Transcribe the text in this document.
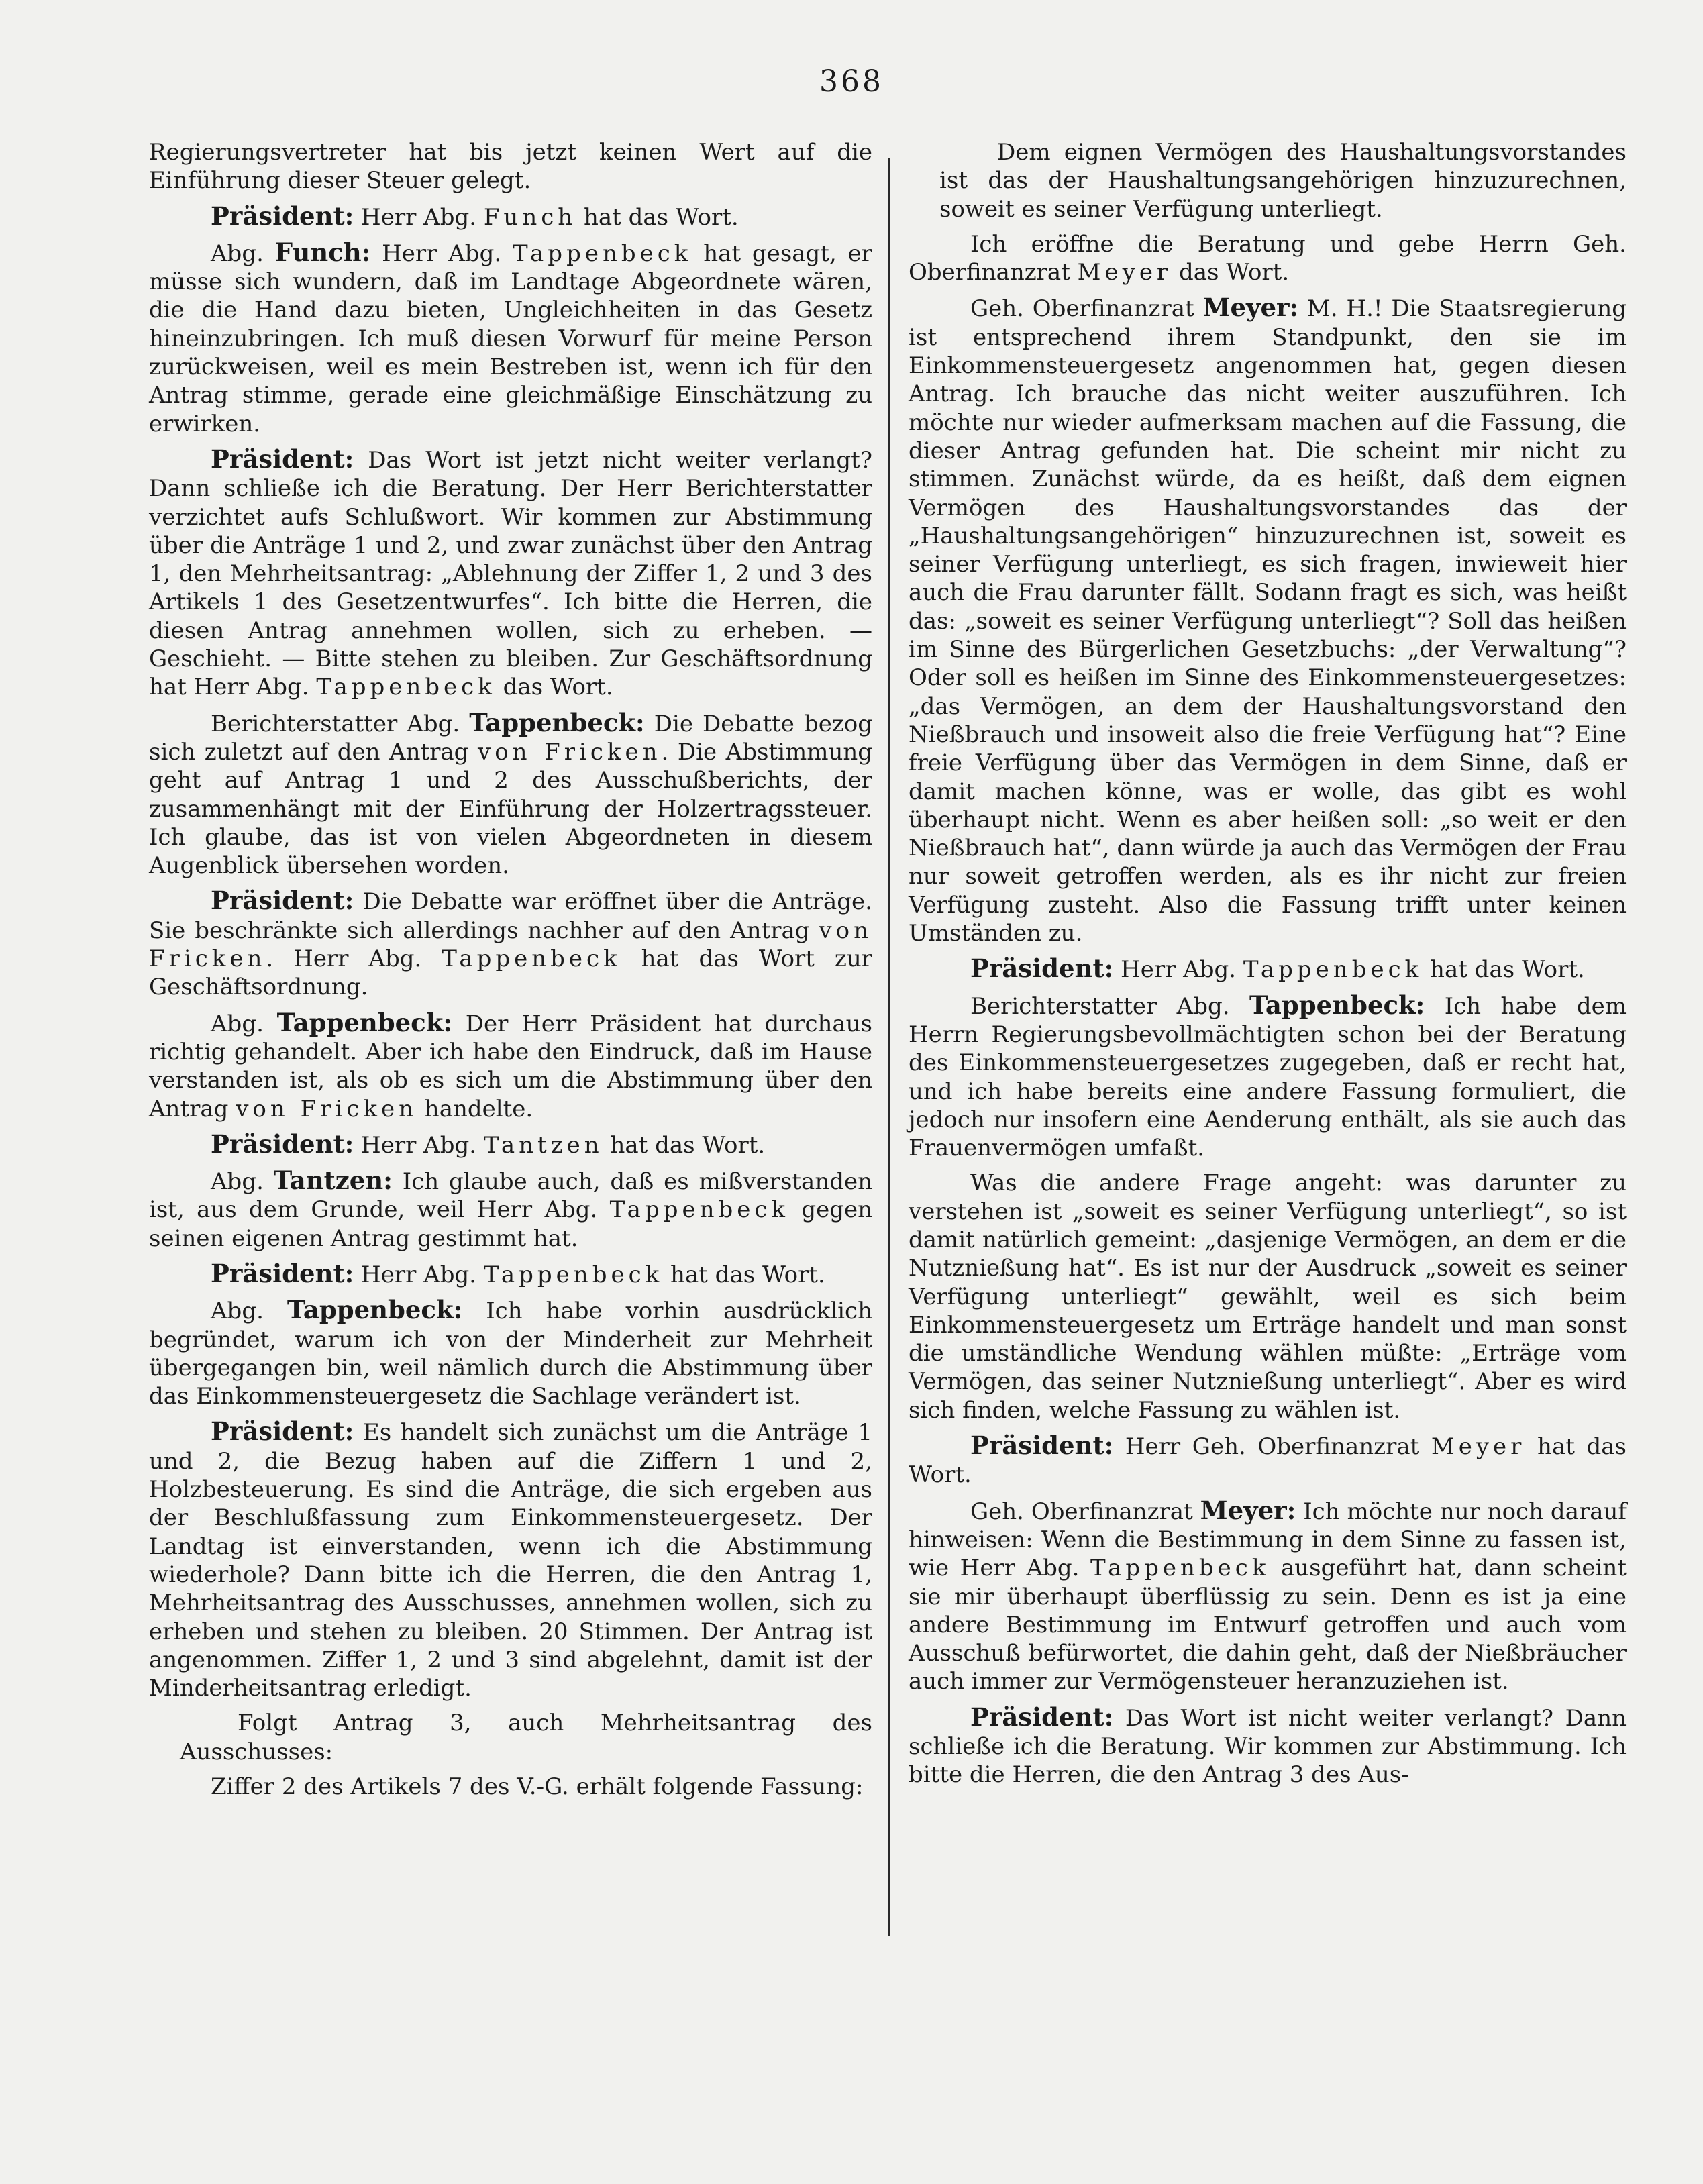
368

Regierungsvertreter hat bis jetzt keinen Wert auf die Einführung dieser Steuer gelegt.

Präsident: Herr Abg. Funch hat das Wort.

Abg. Funch: Herr Abg. Tappenbeck hat gesagt, er müsse sich wundern, daß im Landtage Abgeordnete wären, die die Hand dazu bieten, Ungleichheiten in das Gesetz hineinzubringen. Ich muß diesen Vorwurf für meine Person zurückweisen, weil es mein Bestreben ist, wenn ich für den Antrag stimme, gerade eine gleichmäßige Einschätzung zu erwirken.

Präsident: Das Wort ist jetzt nicht weiter verlangt? Dann schließe ich die Beratung. Der Herr Berichterstatter verzichtet aufs Schlußwort. Wir kommen zur Abstimmung über die Anträge 1 und 2, und zwar zunächst über den Antrag 1, den Mehrheitsantrag: „Ablehnung der Ziffer 1, 2 und 3 des Artikels 1 des Gesetzentwurfes“. Ich bitte die Herren, die diesen Antrag annehmen wollen, sich zu erheben. — Geschieht. — Bitte stehen zu bleiben. Zur Geschäftsordnung hat Herr Abg. Tappenbeck das Wort.

Berichterstatter Abg. Tappenbeck: Die Debatte bezog sich zuletzt auf den Antrag von Fricken. Die Abstimmung geht auf Antrag 1 und 2 des Ausschußberichts, der zusammenhängt mit der Einführung der Holzertragssteuer. Ich glaube, das ist von vielen Abgeordneten in diesem Augenblick übersehen worden.

Präsident: Die Debatte war eröffnet über die Anträge. Sie beschränkte sich allerdings nachher auf den Antrag von Fricken. Herr Abg. Tappenbeck hat das Wort zur Geschäftsordnung.

Abg. Tappenbeck: Der Herr Präsident hat durchaus richtig gehandelt. Aber ich habe den Eindruck, daß im Hause verstanden ist, als ob es sich um die Abstimmung über den Antrag von Fricken handelte.

Präsident: Herr Abg. Tantzen hat das Wort.

Abg. Tantzen: Ich glaube auch, daß es mißverstanden ist, aus dem Grunde, weil Herr Abg. Tappenbeck gegen seinen eigenen Antrag gestimmt hat.

Präsident: Herr Abg. Tappenbeck hat das Wort.

Abg. Tappenbeck: Ich habe vorhin ausdrücklich begründet, warum ich von der Minderheit zur Mehrheit übergegangen bin, weil nämlich durch die Abstimmung über das Einkommensteuergesetz die Sachlage verändert ist.

Präsident: Es handelt sich zunächst um die Anträge 1 und 2, die Bezug haben auf die Ziffern 1 und 2, Holzbesteuerung. Es sind die Anträge, die sich ergeben aus der Beschlußfassung zum Einkommensteuergesetz. Der Landtag ist einverstanden, wenn ich die Abstimmung wiederhole? Dann bitte ich die Herren, die den Antrag 1, Mehrheitsantrag des Ausschusses, annehmen wollen, sich zu erheben und stehen zu bleiben. 20 Stimmen. Der Antrag ist angenommen. Ziffer 1, 2 und 3 sind abgelehnt, damit ist der Minderheitsantrag erledigt.

Folgt Antrag 3, auch Mehrheitsantrag des Ausschusses:

Ziffer 2 des Artikels 7 des V.-G. erhält folgende Fassung:

Dem eignen Vermögen des Haushaltungsvorstandes ist das der Haushaltungsangehörigen hinzuzurechnen, soweit es seiner Verfügung unterliegt.

Ich eröffne die Beratung und gebe Herrn Geh. Oberfinanzrat Meyer das Wort.

Geh. Oberfinanzrat Meyer: M. H.! Die Staatsregierung ist entsprechend ihrem Standpunkt, den sie im Einkommensteuergesetz angenommen hat, gegen diesen Antrag. Ich brauche das nicht weiter auszuführen. Ich möchte nur wieder aufmerksam machen auf die Fassung, die dieser Antrag gefunden hat. Die scheint mir nicht zu stimmen. Zunächst würde, da es heißt, daß dem eignen Vermögen des Haushaltungsvorstandes das der „Haushaltungsangehörigen“ hinzuzurechnen ist, soweit es seiner Verfügung unterliegt, es sich fragen, inwieweit hier auch die Frau darunter fällt. Sodann fragt es sich, was heißt das: „soweit es seiner Verfügung unterliegt“? Soll das heißen im Sinne des Bürgerlichen Gesetzbuchs: „der Verwaltung“? Oder soll es heißen im Sinne des Einkommensteuergesetzes: „das Vermögen, an dem der Haushaltungsvorstand den Nießbrauch und insoweit also die freie Verfügung hat“? Eine freie Verfügung über das Vermögen in dem Sinne, daß er damit machen könne, was er wolle, das gibt es wohl überhaupt nicht. Wenn es aber heißen soll: „so weit er den Nießbrauch hat“, dann würde ja auch das Vermögen der Frau nur soweit getroffen werden, als es ihr nicht zur freien Verfügung zusteht. Also die Fassung trifft unter keinen Umständen zu.

Präsident: Herr Abg. Tappenbeck hat das Wort.

Berichterstatter Abg. Tappenbeck: Ich habe dem Herrn Regierungsbevollmächtigten schon bei der Beratung des Einkommensteuergesetzes zugegeben, daß er recht hat, und ich habe bereits eine andere Fassung formuliert, die jedoch nur insofern eine Aenderung enthält, als sie auch das Frauenvermögen umfaßt.

Was die andere Frage angeht: was darunter zu verstehen ist „soweit es seiner Verfügung unterliegt“, so ist damit natürlich gemeint: „dasjenige Vermögen, an dem er die Nutznießung hat“. Es ist nur der Ausdruck „soweit es seiner Verfügung unterliegt“ gewählt, weil es sich beim Einkommensteuergesetz um Erträge handelt und man sonst die umständliche Wendung wählen müßte: „Erträge vom Vermögen, das seiner Nutznießung unterliegt“. Aber es wird sich finden, welche Fassung zu wählen ist.

Präsident: Herr Geh. Oberfinanzrat Meyer hat das Wort.

Geh. Oberfinanzrat Meyer: Ich möchte nur noch darauf hinweisen: Wenn die Bestimmung in dem Sinne zu fassen ist, wie Herr Abg. Tappenbeck ausgeführt hat, dann scheint sie mir überhaupt überflüssig zu sein. Denn es ist ja eine andere Bestimmung im Entwurf getroffen und auch vom Ausschuß befürwortet, die dahin geht, daß der Nießbräucher auch immer zur Vermögensteuer heranzuziehen ist.

Präsident: Das Wort ist nicht weiter verlangt? Dann schließe ich die Beratung. Wir kommen zur Abstimmung. Ich bitte die Herren, die den Antrag 3 des Aus-
